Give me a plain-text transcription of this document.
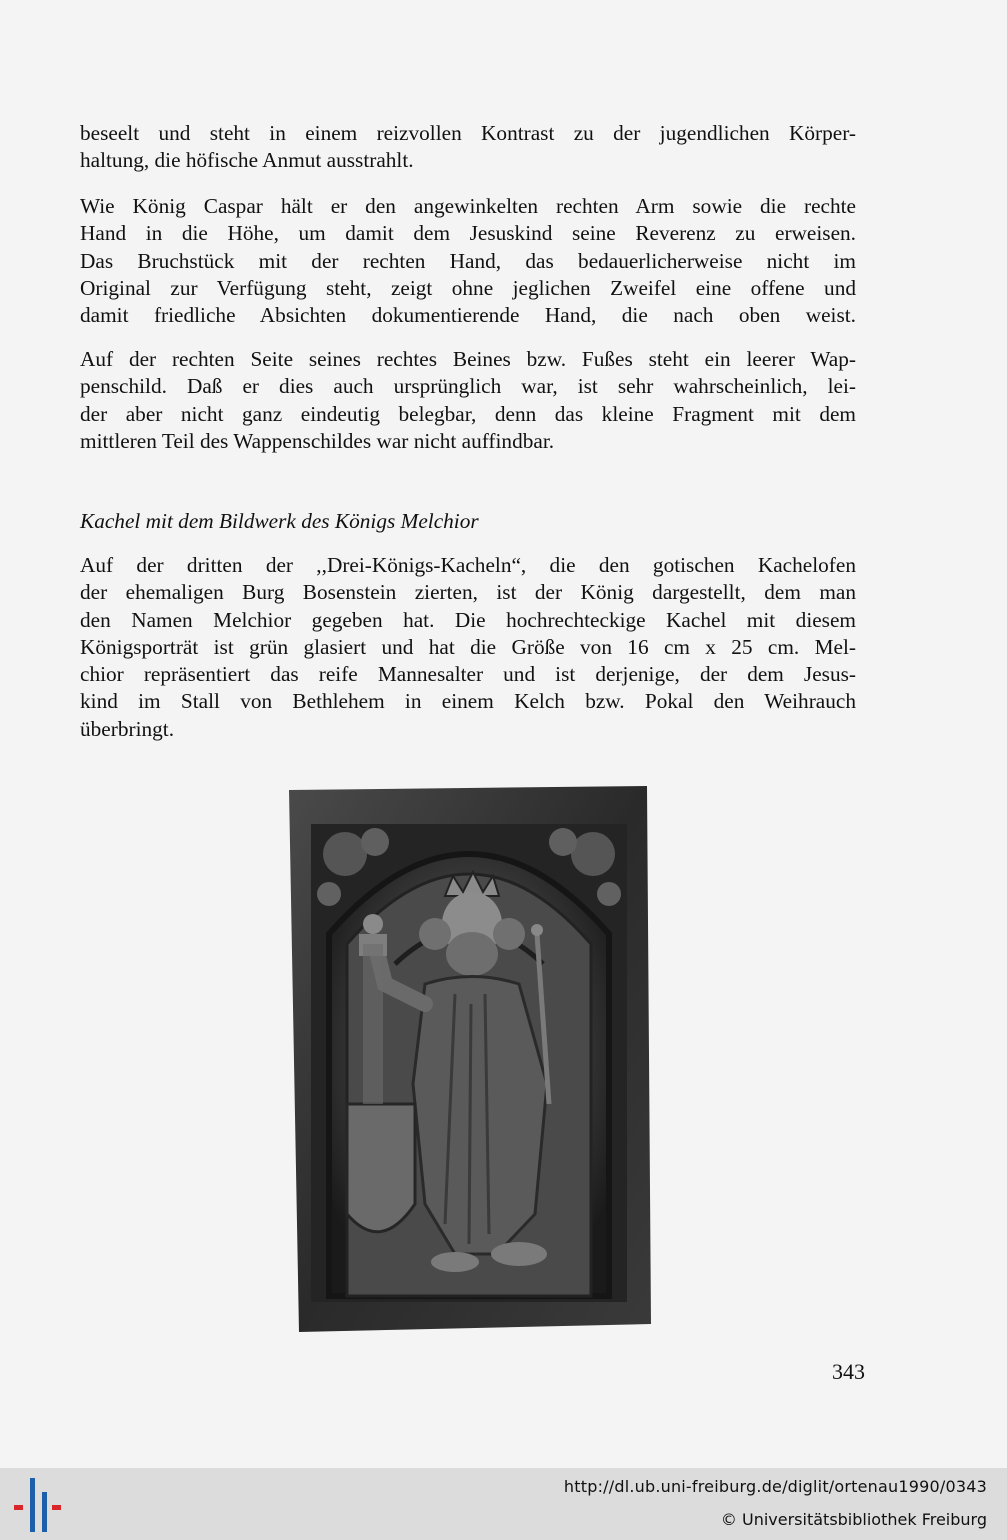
beseelt und steht in einem reizvollen Kontrast zu der jugendlichen Körper-

haltung, die höfische Anmut ausstrahlt.

Wie König Caspar hält er den angewinkelten rechten Arm sowie die rechte

Hand in die Höhe, um damit dem Jesuskind seine Reverenz zu erweisen.

Das Bruchstück mit der rechten Hand, das bedauerlicherweise nicht im

Original zur Verfügung steht, zeigt ohne jeglichen Zweifel eine offene und

damit friedliche Absichten dokumentierende Hand, die nach oben weist.

Auf der rechten Seite seines rechtes Beines bzw. Fußes steht ein leerer Wap-

penschild. Daß er dies auch ursprünglich war, ist sehr wahrscheinlich, lei-

der aber nicht ganz eindeutig belegbar, denn das kleine Fragment mit dem

mittleren Teil des Wappenschildes war nicht auffindbar.

Kachel mit dem Bildwerk des Königs Melchior

Auf der dritten der ,,Drei-Königs-Kacheln“, die den gotischen Kachelofen

der ehemaligen Burg Bosenstein zierten, ist der König dargestellt, dem man

den Namen Melchior gegeben hat. Die hochrechteckige Kachel mit diesem

Königsporträt ist grün glasiert und hat die Größe von 16 cm x 25 cm. Mel-

chior repräsentiert das reife Mannesalter und ist derjenige, der dem Jesus-

kind im Stall von Bethlehem in einem Kelch bzw. Pokal den Weihrauch

überbringt.

343
http://dl.ub.uni-freiburg.de/diglit/ortenau1990/0343
© Universitätsbibliothek Freiburg
